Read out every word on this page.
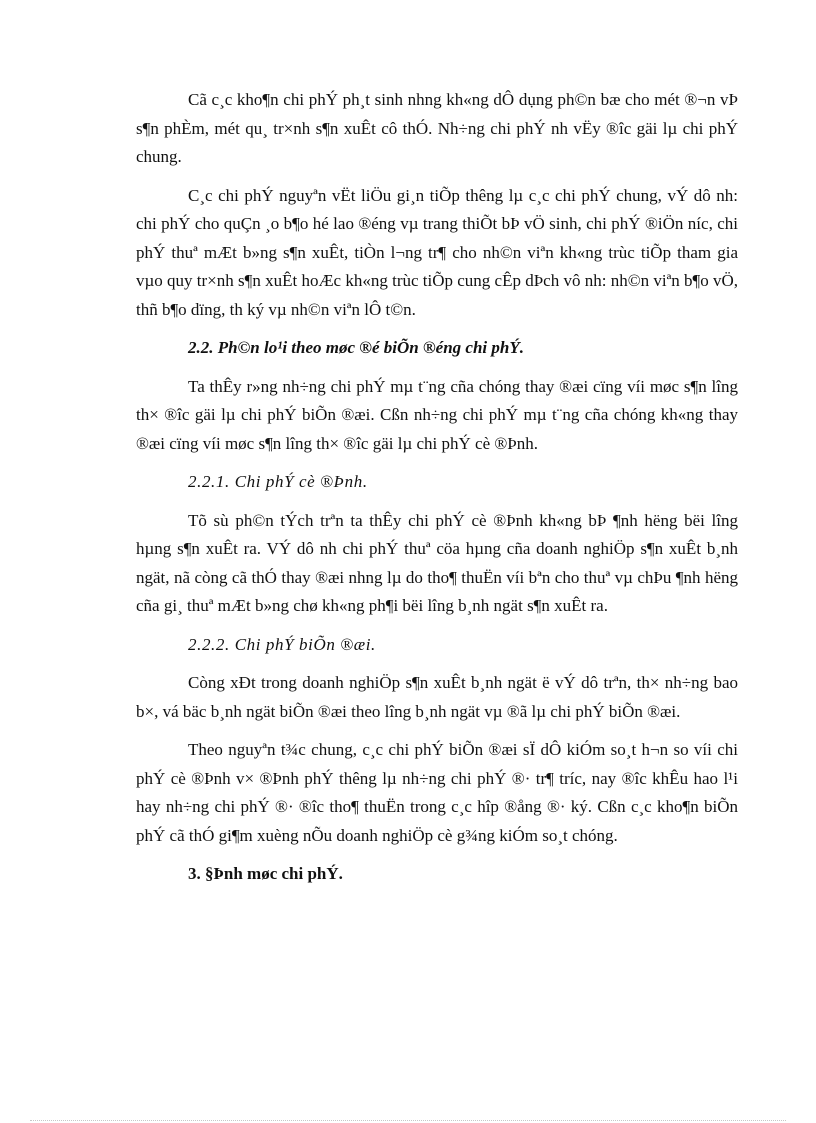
Cã c¸c kho¶n chi phÝ ph¸t sinh nhng kh«ng dÔ dụng ph©n bæ cho mét ®¬n vÞ s¶n phÈm, mét qu¸ tr×nh s¶n xuÊt cô thÓ. Nh÷ng chi phÝ nh vËy ®îc gäi lµ chi phÝ chung.

C¸c chi phÝ nguyªn vËt liÖu gi¸n tiÕp thêng lµ c¸c chi phÝ chung, vÝ dô nh: chi phÝ cho quÇn ¸o b¶o hé lao ®éng vµ trang thiÕt bÞ vÖ sinh, chi phÝ ®iÖn níc, chi phÝ thuª mÆt b»ng s¶n xuÊt, tiÒn l¬ng tr¶ cho nh©n viªn kh«ng trùc tiÕp tham gia vµo quy tr×nh s¶n xuÊt hoÆc kh«ng trùc tiÕp cung cÊp dÞch vô nh: nh©n viªn b¶o vÖ, thñ b¶o dïng, th ký vµ nh©n viªn lÔ t©n.

2.2. Ph©n lo¹i theo møc ®é biÕn ®éng chi phÝ.

Ta thÊy r»ng nh÷ng chi phÝ mµ t¨ng cña chóng thay ®æi cïng víi møc s¶n lîng th× ®îc gäi lµ chi phÝ biÕn ®æi. Cßn nh÷ng chi phÝ mµ t¨ng cña chóng kh«ng thay ®æi cïng víi møc s¶n lîng th× ®îc gäi lµ chi phÝ cè ®Þnh.

2.2.1. Chi phÝ cè ®Þnh.

Tõ sù ph©n tÝch trªn ta thÊy chi phÝ cè ®Þnh kh«ng bÞ ¶nh hëng bëi lîng hµng s¶n xuÊt ra. VÝ dô nh chi phÝ thuª cöa hµng cña doanh nghiÖp s¶n xuÊt b¸nh ngät, nã còng cã thÓ thay ®æi nhng lµ do tho¶ thuËn víi bªn cho thuª vµ chÞu ¶nh hëng cña gi¸ thuª mÆt b»ng chø kh«ng ph¶i bëi lîng b¸nh ngät s¶n xuÊt ra.

2.2.2. Chi phÝ biÕn ®æi.

Còng xÐt trong doanh nghiÖp s¶n xuÊt b¸nh ngät ë vÝ dô trªn, th× nh÷ng bao b×, vá bäc b¸nh ngät biÕn ®æi theo lîng b¸nh ngät vµ ®ã lµ chi phÝ biÕn ®æi.

Theo nguyªn t¾c chung, c¸c chi phÝ biÕn ®æi sÏ dÔ kiÓm so¸t h¬n so víi chi phÝ cè ®Þnh v× ®Þnh phÝ thêng lµ nh÷ng chi phÝ ®· tr¶ tríc, nay ®îc khÊu hao l¹i hay nh÷ng chi phÝ ®· ®îc tho¶ thuËn trong c¸c hîp ®ång ®· ký. Cßn c¸c kho¶n biÕn phÝ cã thÓ gi¶m xuèng nÕu doanh nghiÖp cè g¾ng kiÓm so¸t chóng.

3. §Þnh møc chi phÝ.
